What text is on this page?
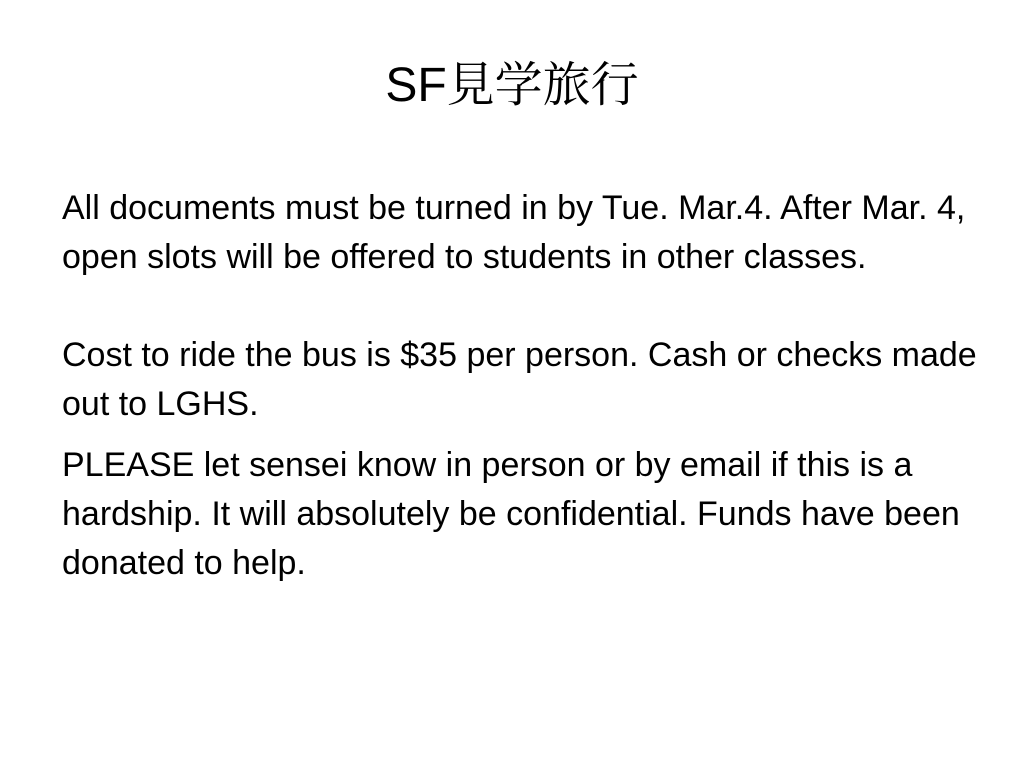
SF見学旅行

All documents must be turned in by Tue. Mar.4. After Mar. 4, open slots will be offered to students in other classes.

Cost to ride the bus is $35 per person. Cash or checks made out to LGHS.

PLEASE let sensei know in person or by email if this is a hardship. It will absolutely be confidential. Funds have been donated to help.
